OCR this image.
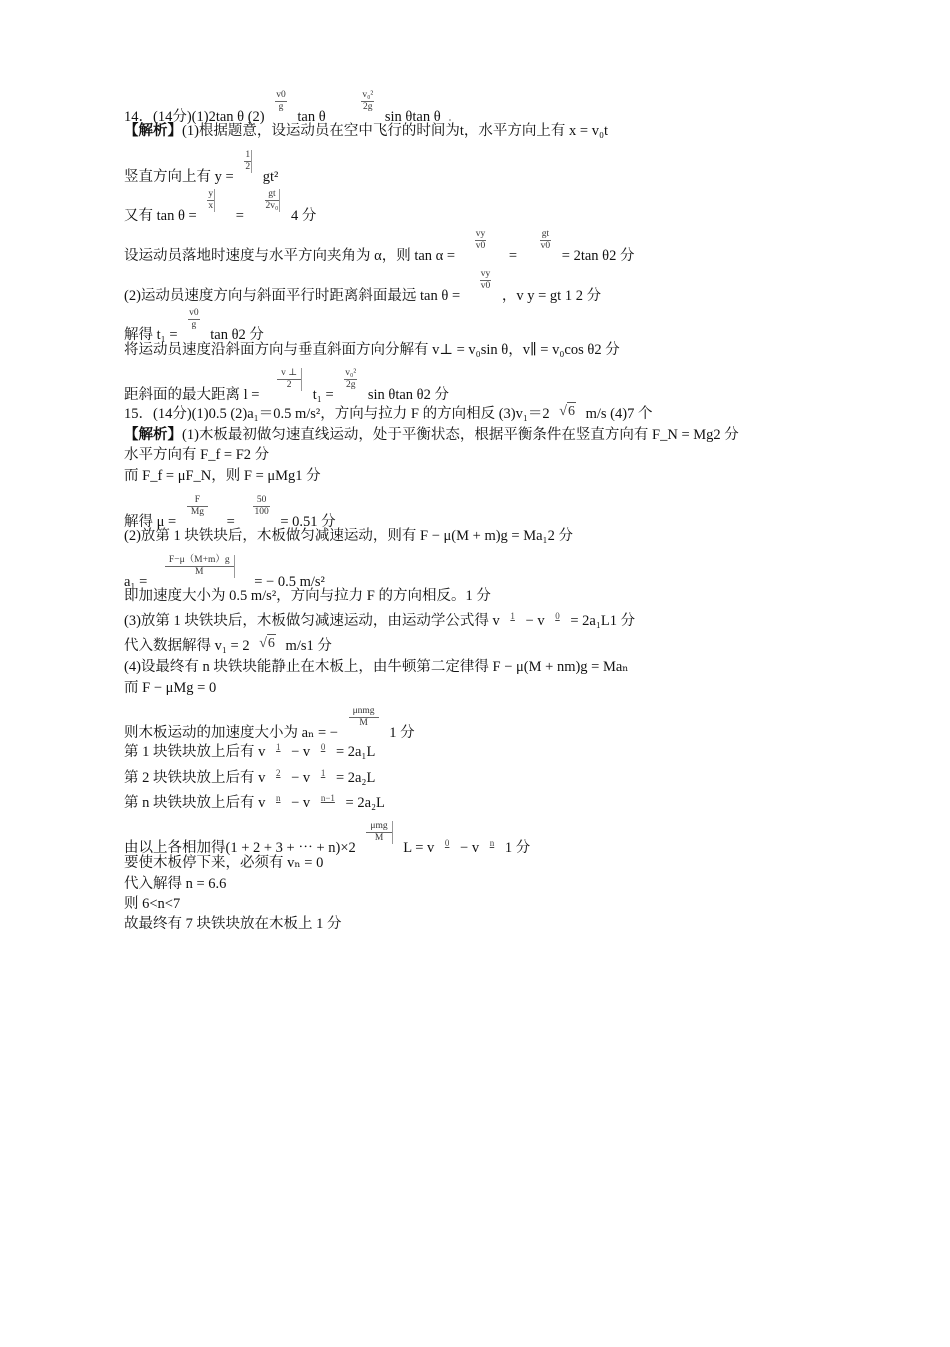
14．(14分)(1)2tan θ (2)
$\frac{v0}{g}$
tan θ
$\frac{\text{v₀²}}{2g}$
sin θtan θ
【解析】(1)根据题意，设运动员在空中飞行的时间为t，水平方向上有 x = v₀t
竖直方向上有 y =
$\frac{1}{2}$
gt²
又有 tan θ =
$\frac{y}{x}$
=
$\frac{gt}{\text{2v₀}}$
4 分
设运动员落地时速度与水平方向夹角为 α，则 tan α =
$\frac{vy}{v0}$
=
$\frac{gt}{v0}$
= 2tan θ2 分
(2)运动员速度方向与斜面平行时距离斜面最远 tan θ =
$\frac{vy}{v0}$
，v y = gt 1 2 分
解得 t₁ =
$\frac{v0}{g}$
tan θ2 分
将运动员速度沿斜面方向与垂直斜面方向分解有 v⊥ = v₀sin θ，v∥ = v₀cos θ2 分
距斜面的最大距离 l =
$\frac{v \perp}{2}$
t₁ =
$\frac{\text{v₀²}}{2g}$
sin θtan θ2 分
15．(14分)(1)0.5 (2)a₁＝0.5 m/s²，方向与拉力 F 的方向相反 (3)v₁＝2 √6 m/s (4)7 个
【解析】(1)木板最初做匀速直线运动，处于平衡状态，根据平衡条件在竖直方向有 F_N = Mg2 分
水平方向有 F_f = F2 分
而 F_f = μF_N，则 F = μMg1 分
解得 μ =
$\frac{F}{Mg}$
=
$\frac{50}{100}$
= 0.51 分
(2)放第 1 块铁块后，木板做匀减速运动，则有 F − μ(M + m)g = Ma₁2 分
a₁ =
$\frac{F-\mu(M+m)g}{M}$
= − 0.5 m/s²
即加速度大小为 0.5 m/s²，方向与拉力 F 的方向相反。1 分
(3)放第 1 块铁块后，木板做匀减速运动，由运动学公式得 v 1 − v 0 = 2a₁L1 分
代入数据解得 v₁ = 2 √6 m/s1 分
(4)设最终有 n 块铁块能静止在木板上，由牛顿第二定律得 F − μ(M + nm)g = Maₙ
而 F − μMg = 0
则木板运动的加速度大小为 aₙ = −
$\frac{\text{μnmg}}{M}$
1 分
第 1 块铁块放上后有 v 1 − v 0 = 2a₁L
第 2 块铁块放上后有 v 2 − v 1 = 2a₂L
第 n 块铁块放上后有 v n − v n−1 = 2a₂L
由以上各相加得(1 + 2 + 3 + ⋯ + n)×2
$\frac{\text{μmg}}{M}$
L = v 0 − v n 1 分
要使木板停下来，必须有 vₙ = 0
代入解得 n = 6.6
则 6<n<7
故最终有 7 块铁块放在木板上 1 分
